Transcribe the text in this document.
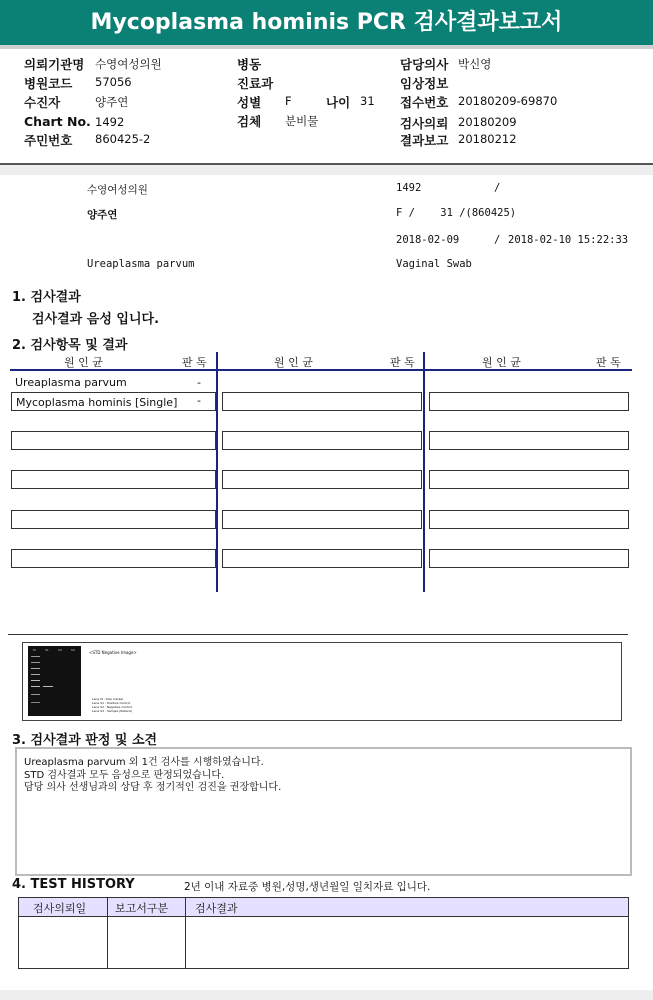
Mycoplasma hominis PCR 검사결과보고서
의뢰기관명 수영여성의원
병원코드 57056
수진자	양주연
Chart No. 1492
주민번호 860425-2
병동
진료과
성별 F	나이 31
검체 분비물
담당의사 박신영
임상정보
접수번호 20180209-69870
검사의뢰 20180209
결과보고 20180212
수영여성의원	1492	/
양주연	F /    31 /(860425)
2018-02-09	/ 2018-02-10 15:22:33
Ureaplasma parvum	Vaginal Swab
1. 검사결과
검사결과 음성 입니다.
2. 검사항목 및 결과
원 인 균	판 독	원 인 균	판 독	원 인 균	판 독
Ureaplasma parvum	-
Mycoplasma hominis [Single] -
M	S1	S2	S3	<STD Negative Image>
Lane M : Size marker
Lane S1 : Positive Control
Lane S2 : Negative Control
Lane S3 : Sample (Patient)
3. 검사결과 판정 및 소견
Ureaplasma parvum 외 1건 검사를 시행하였습니다.
STD 검사결과 모두 음성으로 판정되었습니다.
담당 의사 선생님과의 상담 후 정기적인 검진을 권장합니다.
4. TEST HISTORY	2년 이내 자료중 병원,성명,생년월일 일치자료 입니다.
검사의뢰일	보고서구분 검사결과
